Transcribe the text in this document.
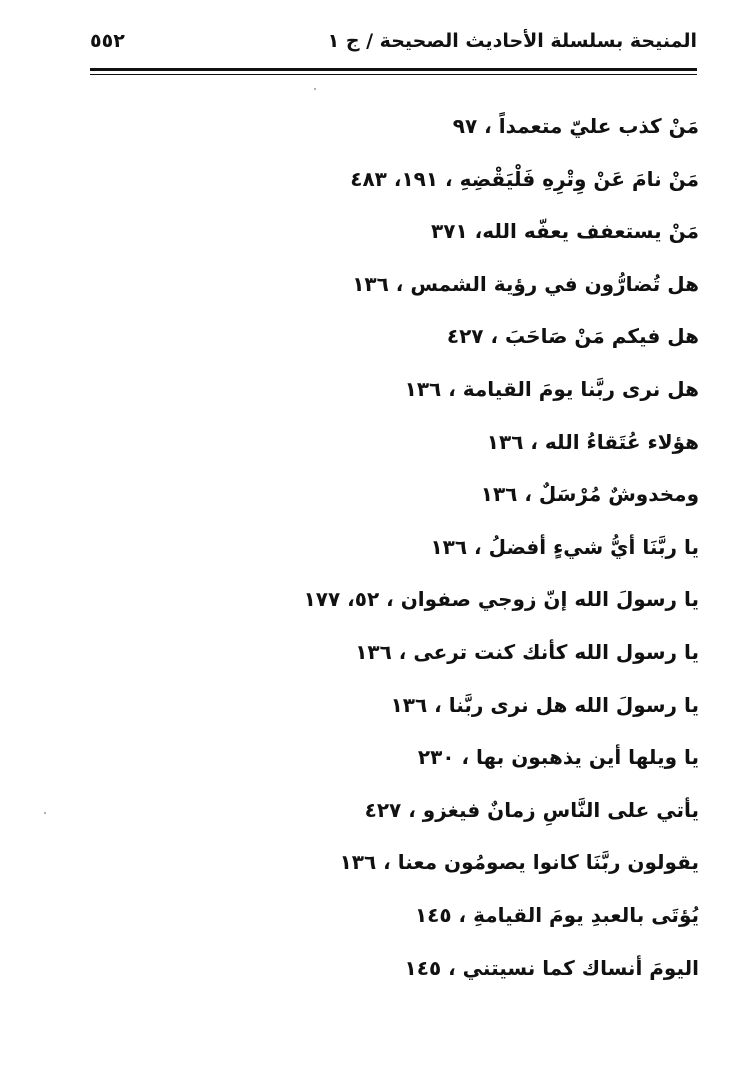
المنيحة بسلسلة الأحاديث الصحيحة / ج ١
٥٥٢
مَنْ كذب عليّ متعمداً ، ٩٧
مَنْ نامَ عَنْ وِتْرِهِ فَلْيَقْضِهِ ، ١٩١، ٤٨٣
مَنْ يستعفف يعفّه الله، ٣٧١
هل تُضارُّون في رؤية الشمس ، ١٣٦
هل فيكم مَنْ صَاحَبَ ، ٤٢٧
هل نرى ربَّنا يومَ القيامة ، ١٣٦
هؤلاء عُتَقاءُ الله ، ١٣٦
ومخدوشٌ مُرْسَلٌ ، ١٣٦
يا ربَّنَا أيُّ شيءٍ أفضلُ ، ١٣٦
يا رسولَ الله إنّ زوجي صفوان ، ٥٢، ١٧٧
يا رسول الله كأنك كنت ترعى ، ١٣٦
يا رسولَ الله هل نرى ربَّنا ، ١٣٦
يا ويلها أين يذهبون بها ، ٢٣٠
يأتي على النَّاسِ زمانٌ فيغزو ، ٤٢٧
يقولون ربَّنَا كانوا يصومُون معنا ، ١٣٦
يُؤتَى بالعبدِ يومَ القيامةِ ، ١٤٥
اليومَ أنساك كما نسيتني ، ١٤٥
